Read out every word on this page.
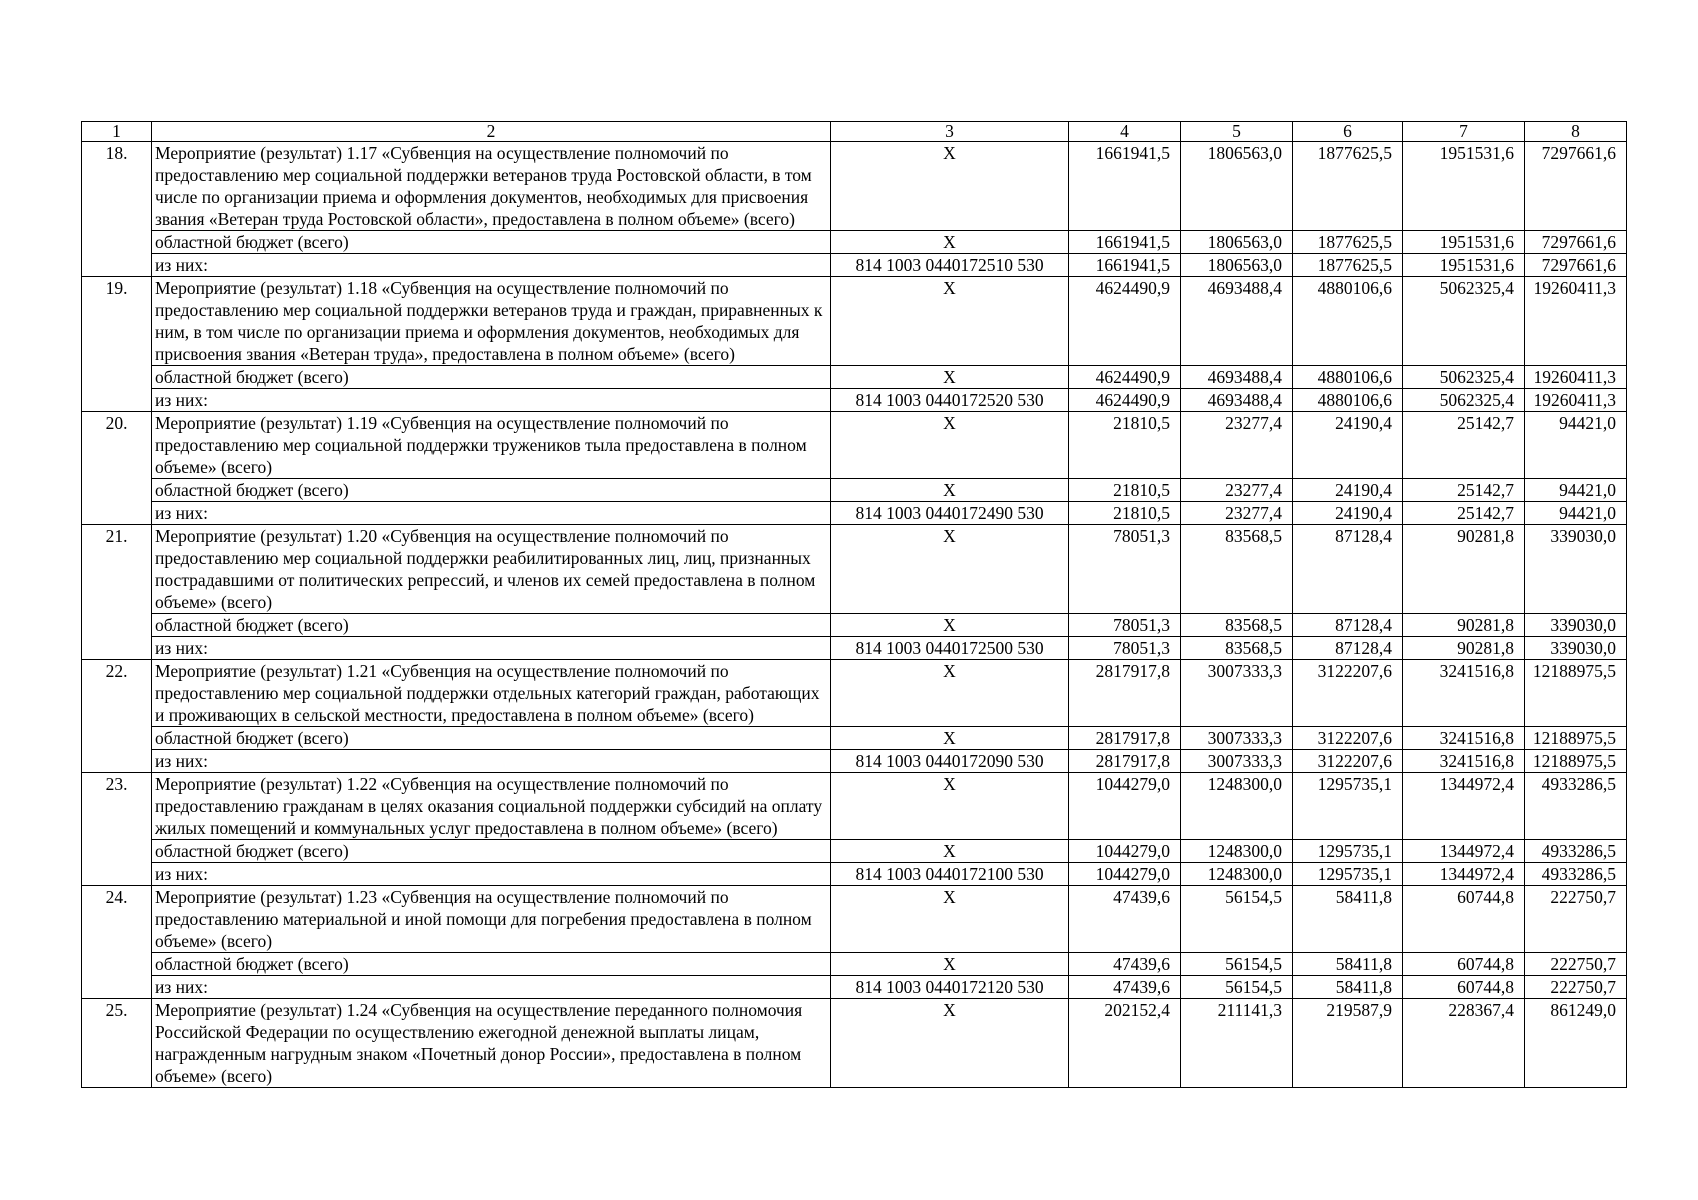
1	2	3	4	5	6	7	8
18.	Мероприятие (результат) 1.17 «Субвенция на осуществление полномочий по предоставлению мер социальной поддержки ветеранов труда Ростовской области, в том числе по организации приема и оформления документов, необходимых для присвоения звания «Ветеран труда Ростовской области», предоставлена в полном объеме» (всего)	X	1661941,5	1806563,0	1877625,5	1951531,6	7297661,6
	областной бюджет (всего)	X	1661941,5	1806563,0	1877625,5	1951531,6	7297661,6
	из них:	814 1003 0440172510 530	1661941,5	1806563,0	1877625,5	1951531,6	7297661,6
19.	Мероприятие (результат) 1.18 «Субвенция на осуществление полномочий по предоставлению мер социальной поддержки ветеранов труда и граждан, приравненных к ним, в том числе по организации приема и оформления документов, необходимых для присвоения звания «Ветеран труда», предоставлена в полном объеме» (всего)	X	4624490,9	4693488,4	4880106,6	5062325,4	19260411,3
	областной бюджет (всего)	X	4624490,9	4693488,4	4880106,6	5062325,4	19260411,3
	из них:	814 1003 0440172520 530	4624490,9	4693488,4	4880106,6	5062325,4	19260411,3
20.	Мероприятие (результат) 1.19 «Субвенция на осуществление полномочий по предоставлению мер социальной поддержки тружеников тыла предоставлена в полном объеме» (всего)	X	21810,5	23277,4	24190,4	25142,7	94421,0
	областной бюджет (всего)	X	21810,5	23277,4	24190,4	25142,7	94421,0
	из них:	814 1003 0440172490 530	21810,5	23277,4	24190,4	25142,7	94421,0
21.	Мероприятие (результат) 1.20 «Субвенция на осуществление полномочий по предоставлению мер социальной поддержки реабилитированных лиц, лиц, признанных пострадавшими от политических репрессий, и членов их семей предоставлена в полном объеме» (всего)	X	78051,3	83568,5	87128,4	90281,8	339030,0
	областной бюджет (всего)	X	78051,3	83568,5	87128,4	90281,8	339030,0
	из них:	814 1003 0440172500 530	78051,3	83568,5	87128,4	90281,8	339030,0
22.	Мероприятие (результат) 1.21 «Субвенция на осуществление полномочий по предоставлению мер социальной поддержки отдельных категорий граждан, работающих и проживающих в сельской местности, предоставлена в полном объеме» (всего)	X	2817917,8	3007333,3	3122207,6	3241516,8	12188975,5
	областной бюджет (всего)	X	2817917,8	3007333,3	3122207,6	3241516,8	12188975,5
	из них:	814 1003 0440172090 530	2817917,8	3007333,3	3122207,6	3241516,8	12188975,5
23.	Мероприятие (результат) 1.22 «Субвенция на осуществление полномочий по предоставлению гражданам в целях оказания социальной поддержки субсидий на оплату жилых помещений и коммунальных услуг предоставлена в полном объеме» (всего)	X	1044279,0	1248300,0	1295735,1	1344972,4	4933286,5
	областной бюджет (всего)	X	1044279,0	1248300,0	1295735,1	1344972,4	4933286,5
	из них:	814 1003 0440172100 530	1044279,0	1248300,0	1295735,1	1344972,4	4933286,5
24.	Мероприятие (результат) 1.23 «Субвенция на осуществление полномочий по предоставлению материальной и иной помощи для погребения предоставлена в полном объеме» (всего)	X	47439,6	56154,5	58411,8	60744,8	222750,7
	областной бюджет (всего)	X	47439,6	56154,5	58411,8	60744,8	222750,7
	из них:	814 1003 0440172120 530	47439,6	56154,5	58411,8	60744,8	222750,7
25.	Мероприятие (результат) 1.24 «Субвенция на осуществление переданного полномочия Российской Федерации по осуществлению ежегодной денежной выплаты лицам, награжденным нагрудным знаком «Почетный донор России», предоставлена в полном объеме» (всего)	X	202152,4	211141,3	219587,9	228367,4	861249,0
